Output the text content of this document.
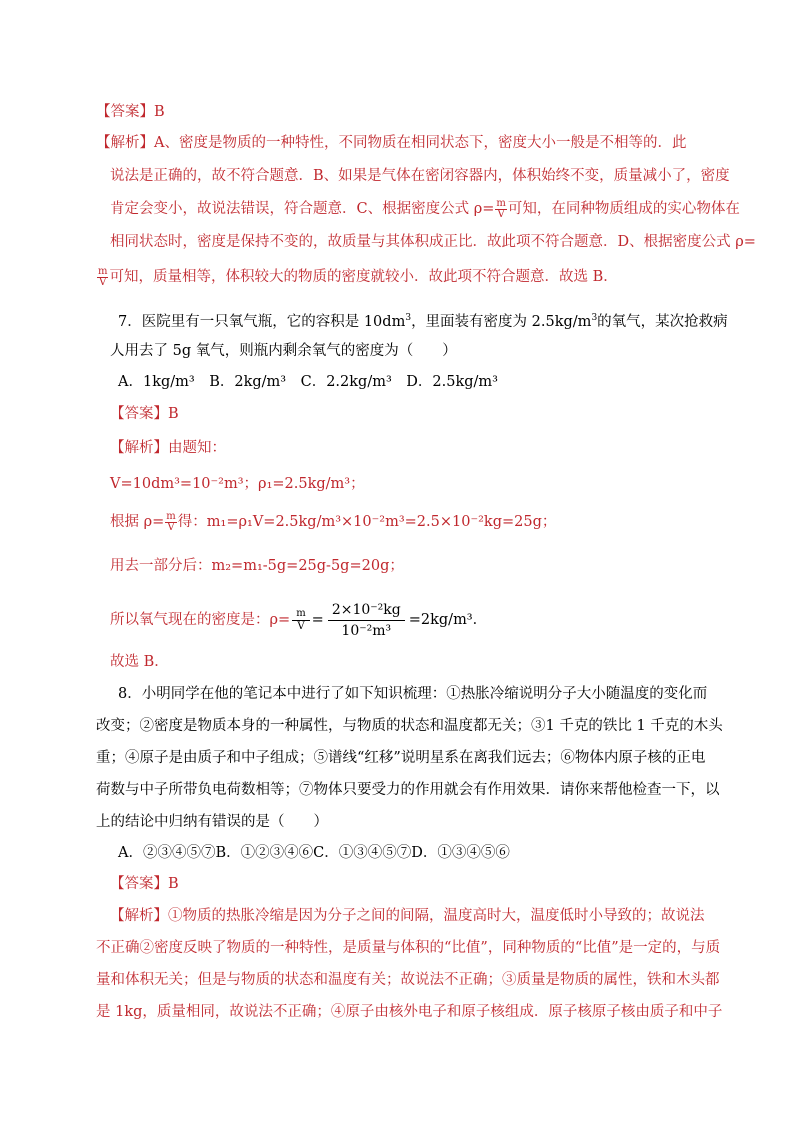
【答案】B
【解析】A、密度是物质的一种特性，不同物质在相同状态下，密度大小一般是不相等的．此
说法是正确的，故不符合题意．B、如果是气体在密闭容器内，体积始终不变，质量减小了，密度
肯定会变小，故说法错误，符合题意．C、根据密度公式 $\rho= \frac{m}{V}$ 可知，在同种物质组成的实心物体在
相同状态时，密度是保持不变的，故质量与其体积成正比．故此项不符合题意．D、根据密度公式 ρ=
$\frac{m}{V}$ 可知，质量相等，体积较大的物质的密度就较小．故此项不符合题意．故选 B．
7．医院里有一只氧气瓶，它的容积是 $10dm^3$，里面装有密度为 $2.5kg/m^3$的氧气，某次抢救病
人用去了 5g 氧气，则瓶内剩余氧气的密度为（　　）
A．1kg/m³　B．2kg/m³　C．2.2kg/m³　D．2.5kg/m³
【答案】B
【解析】由题知：
V=10dm³=10⁻²m³；ρ₁=2.5kg/m³；
根据 $\rho= \frac{m}{V}$ 得：m₁=ρ₁V=2.5kg/m³×10⁻²m³=2.5×10⁻²kg=25g；
用去一部分后：m₂=m₁-5g=25g-5g=20g；
所以氧气现在的密度是：$\rho= \frac{m}{V} = \frac{\text{2×10⁻²kg}}{\text{10⁻²m³}} =2kg/m^3$．
故选 B．
8．小明同学在他的笔记本中进行了如下知识梳理：①热胀冷缩说明分子大小随温度的变化而
改变；②密度是物质本身的一种属性，与物质的状态和温度都无关；③1 千克的铁比 1 千克的木头
重；④原子是由质子和中子组成；⑤谱线“红移”说明星系在离我们远去；⑥物体内原子核的正电
荷数与中子所带负电荷数相等；⑦物体只要受力的作用就会有作用效果．请你来帮他检查一下，以
上的结论中归纳有错误的是（　　）
A．②③④⑤⑦B．①②③④⑥C．①③④⑤⑦D．①③④⑤⑥
【答案】B
【解析】①物质的热胀冷缩是因为分子之间的间隔，温度高时大，温度低时小导致的；故说法
不正确②密度反映了物质的一种特性，是质量与体积的“比值”，同种物质的“比值”是一定的，与质
量和体积无关；但是与物质的状态和温度有关；故说法不正确；③质量是物质的属性，铁和木头都
是 1kg，质量相同，故说法不正确；④原子由核外电子和原子核组成．原子核原子核由质子和中子
